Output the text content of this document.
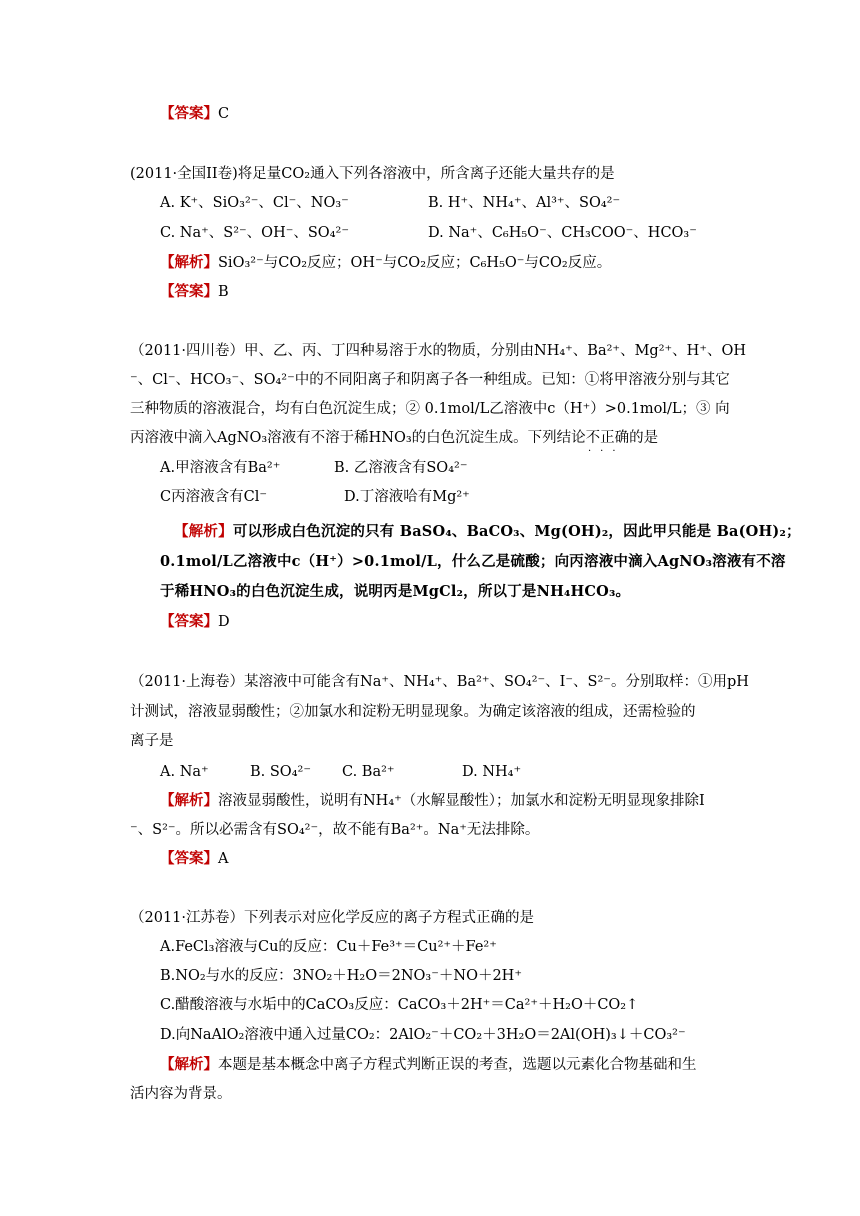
【答案】C
(2011·全国II卷)将足量CO₂通入下列各溶液中，所含离子还能大量共存的是
A. K⁺、SiO₃²⁻、Cl⁻、NO₃⁻	B. H⁺、NH₄⁺、Al³⁺、SO₄²⁻
C. Na⁺、S²⁻、OH⁻、SO₄²⁻	D. Na⁺、C₆H₅O⁻、CH₃COO⁻、HCO₃⁻
【解析】SiO₃²⁻与CO₂反应；OH⁻与CO₂反应；C₆H₅O⁻与CO₂反应。
【答案】B
（2011·四川卷）甲、乙、丙、丁四种易溶于水的物质，分别由NH₄⁺、Ba²⁺、Mg²⁺、H⁺、OH
⁻、Cl⁻、HCO₃⁻、SO₄²⁻中的不同阳离子和阴离子各一种组成。已知：①将甲溶液分别与其它
三种物质的溶液混合，均有白色沉淀生成；② 0.1mol/L乙溶液中c（H⁺）>0.1mol/L；③ 向
丙溶液中滴入AgNO₃溶液有不溶于稀HNO₃的白色沉淀生成。下列结论不正确的是
···
A.甲溶液含有Ba²⁺	B. 乙溶液含有SO₄²⁻
C丙溶液含有Cl⁻	D.丁溶液哈有Mg²⁺
【解析】可以形成白色沉淀的只有 BaSO₄、BaCO₃、Mg(OH)₂，因此甲只能是 Ba(OH)₂；
0.1mol/L乙溶液中c（H⁺）>0.1mol/L，什么乙是硫酸；向丙溶液中滴入AgNO₃溶液有不溶
于稀HNO₃的白色沉淀生成，说明丙是MgCl₂，所以丁是NH₄HCO₃。
【答案】D
（2011·上海卷）某溶液中可能含有Na⁺、NH₄⁺、Ba²⁺、SO₄²⁻、I⁻、S²⁻。分别取样：①用pH
计测试，溶液显弱酸性；②加氯水和淀粉无明显现象。为确定该溶液的组成，还需检验的
离子是
A. Na⁺	B. SO₄²⁻ C. Ba²⁺	D. NH₄⁺
【解析】溶液显弱酸性，说明有NH₄⁺（水解显酸性）；加氯水和淀粉无明显现象排除I
⁻、S²⁻。所以必需含有SO₄²⁻，故不能有Ba²⁺。Na⁺无法排除。
【答案】A
（2011·江苏卷）下列表示对应化学反应的离子方程式正确的是
A.FeCl₃溶液与Cu的反应：Cu＋Fe³⁺＝Cu²⁺＋Fe²⁺
B.NO₂与水的反应：3NO₂＋H₂O＝2NO₃⁻＋NO＋2H⁺
C.醋酸溶液与水垢中的CaCO₃反应：CaCO₃＋2H⁺＝Ca²⁺＋H₂O＋CO₂↑
D.向NaAlO₂溶液中通入过量CO₂：2AlO₂⁻＋CO₂＋3H₂O＝2Al(OH)₃↓＋CO₃²⁻
【解析】本题是基本概念中离子方程式判断正误的考查，选题以元素化合物基础和生
活内容为背景。
